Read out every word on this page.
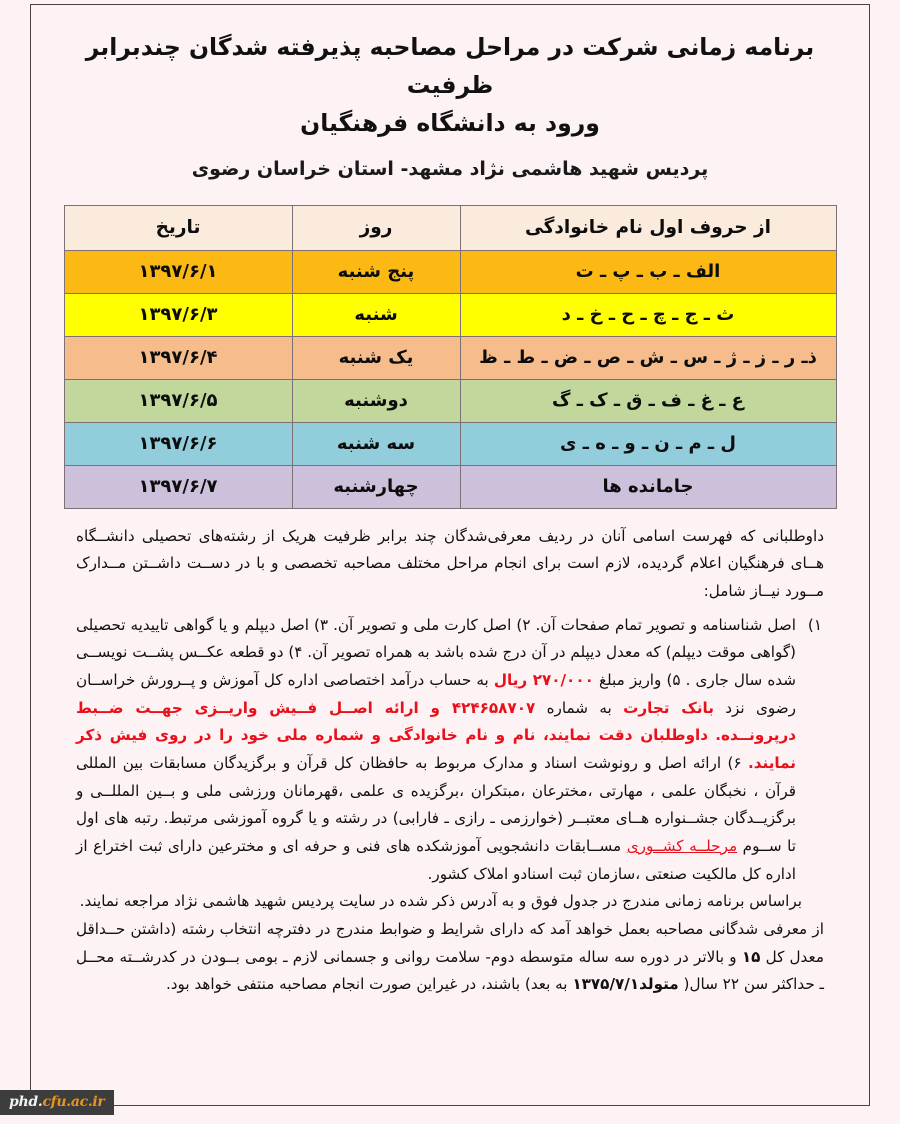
برنامه زمانی شرکت در مراحل مصاحبه پذیرفته شدگان چندبرابر ظرفیت
ورود به دانشگاه فرهنگیان
پردیس شهید هاشمی نژاد مشهد- استان خراسان رضوی
از حروف اول نام خانوادگی	روز	تاریخ
الف ـ ب ـ پ ـ ت	پنج شنبه	۱۳۹۷/۶/۱
ث ـ ج ـ چ ـ ح ـ خ ـ د	شنبه	۱۳۹۷/۶/۳
ذـ ر ـ ز ـ ژ ـ س ـ ش ـ ص ـ ض ـ ط ـ ظ	یک شنبه	۱۳۹۷/۶/۴
ع ـ غ ـ ف ـ ق ـ ک ـ گ	دوشنبه	۱۳۹۷/۶/۵
ل ـ م ـ ن ـ و ـ ه ـ ی	سه شنبه	۱۳۹۷/۶/۶
جامانده ها	چهارشنبه	۱۳۹۷/۶/۷

داوطلبانی که فهرست اسامی آنان در ردیف معرفی‌شدگان چند برابر ظرفیت هریک از رشته‌های تحصیلی دانشــگاه هــای فرهنگیان اعلام گردیده، لازم است برای انجام مراحل مختلف مصاحبه تخصصی و با در دســت داشــتن مــدارک مــورد نیــاز شامل:

۱) اصل شناسنامه و تصویر تمام صفحات آن. ۲) اصل کارت ملی و تصویر آن. ۳) اصل دیپلم و یا گواهی تاییدیه تحصیلی (گواهی موقت دیپلم) که معدل دیپلم در آن درج شده باشد به همراه تصویر آن. ۴) دو قطعه عکــس پشــت نویســی شده سال جاری . ۵) واریز مبلغ ۲۷۰/۰۰۰ ریال به حساب درآمد اختصاصی اداره کل آموزش و پــرورش خراســان رضوی نزد بانک تجارت به شماره ۴۲۴۶۵۸۷۰۷ و ارائه اصــل فــیش واریــزی جهــت ضــبط درپرونــده. داوطلبان دقت نمایند، نام و نام خانوادگی و شماره ملی خود را در روی فیش ذکر نمایند. ۶) ارائه اصل و رونوشت اسناد و مدارک مربوط به حافظان کل قرآن و برگزیدگان مسابقات بین المللی قرآن ، نخبگان علمی ، مهارتی ،مخترعان ،مبتکران ،برگزیده ی علمی ،قهرمانان ورزشی ملی و بــین المللــی و برگزیــدگان جشــنواره هــای معتبــر (خوارزمی ـ رازی ـ فارابی) در رشته و یا گروه آموزشی مرتبط. رتبه های اول تا ســوم مرحلــه کشــوری مســابقات دانشجویی آموزشکده های فنی و حرفه ای و مخترعین دارای ثبت اختراع از اداره کل مالکیت صنعتی ،سازمان ثبت اسنادو املاک کشور.

براساس برنامه زمانی مندرج در جدول فوق و به آدرس ذکر شده در سایت پردیس شهید هاشمی نژاد مراجعه نمایند.

از معرفی شدگانی مصاحبه بعمل خواهد آمد که دارای شرایط و ضوابط مندرج در دفترچه انتخاب رشته (داشتن حــداقل معدل کل ۱۵ و بالاتر در دوره سه ساله متوسطه دوم- سلامت روانی و جسمانی لازم ـ بومی بــودن در کدرشــته محــل ـ حداکثر سن ۲۲ سال( متولد۱۳۷۵/۷/۱ به بعد) باشند، در غیراین صورت انجام مصاحبه منتفی خواهد بود.

phd.cfu.ac.ir
